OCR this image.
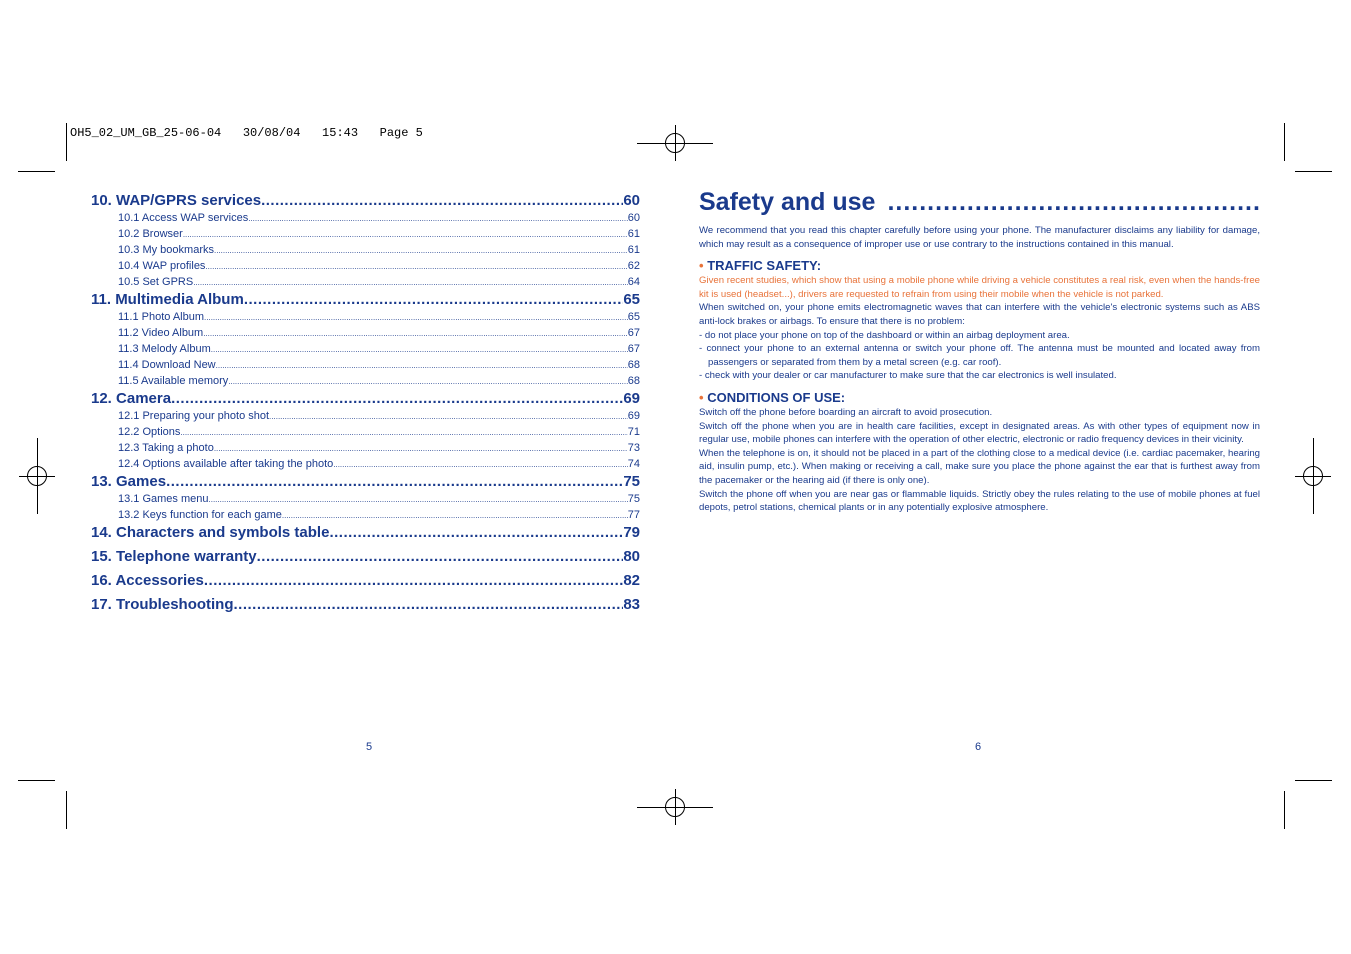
OH5_02_UM_GB_25-06-04   30/08/04   15:43   Page 5
10. WAP/GPRS services .....	60
10.1 Access WAP services .....	60
10.2 Browser .....	61
10.3 My bookmarks .....	61
10.4 WAP profiles .....	62
10.5 Set GPRS .....	64
11. Multimedia Album .....	65
11.1 Photo Album .....	65
11.2 Video Album .....	67
11.3 Melody Album .....	67
11.4 Download New .....	68
11.5 Available memory .....	68
12. Camera .....	69
12.1 Preparing your photo shot .....	69
12.2 Options .....	71
12.3 Taking a photo .....	73
12.4 Options available after taking the photo .....	74
13. Games .....	75
13.1 Games menu .....	75
13.2 Keys function for each game .....	77
14. Characters and symbols table .....	79
15. Telephone warranty .....	80
16. Accessories .....	82
17. Troubleshooting .....	83
5
Safety and use
.....
We recommend that you read this chapter carefully before using your phone. The manufacturer disclaims any liability for damage, which may result as a consequence of improper use or use contrary to the instructions contained in this manual.
• TRAFFIC SAFETY:
Given recent studies, which show that using a mobile phone while driving a vehicle constitutes a real risk, even when the hands-free kit is used (headset...), drivers are requested to refrain from using their mobile when the vehicle is not parked.
When switched on, your phone emits electromagnetic waves that can interfere with the vehicle's electronic systems such as ABS anti-lock brakes or airbags. To ensure that there is no problem:
- do not place your phone on top of the dashboard or within an airbag deployment area.
- connect your phone to an external antenna or switch your phone off. The antenna must be mounted and located away from passengers or separated from them by a metal screen (e.g. car roof).
- check with your dealer or car manufacturer to make sure that the car electronics is well insulated.
• CONDITIONS OF USE:
Switch off the phone before boarding an aircraft to avoid prosecution.
Switch off the phone when you are in health care facilities, except in designated areas. As with other types of equipment now in regular use, mobile phones can interfere with the operation of other electric, electronic or radio frequency devices in their vicinity.
When the telephone is on, it should not be placed in a part of the clothing close to a medical device (i.e. cardiac pacemaker, hearing aid, insulin pump, etc.). When making or receiving a call, make sure you place the phone against the ear that is furthest away from the pacemaker or the hearing aid (if there is only one).
Switch the phone off when you are near gas or flammable liquids. Strictly obey the rules relating to the use of mobile phones at fuel depots, petrol stations, chemical plants or in any potentially explosive atmosphere.
6
